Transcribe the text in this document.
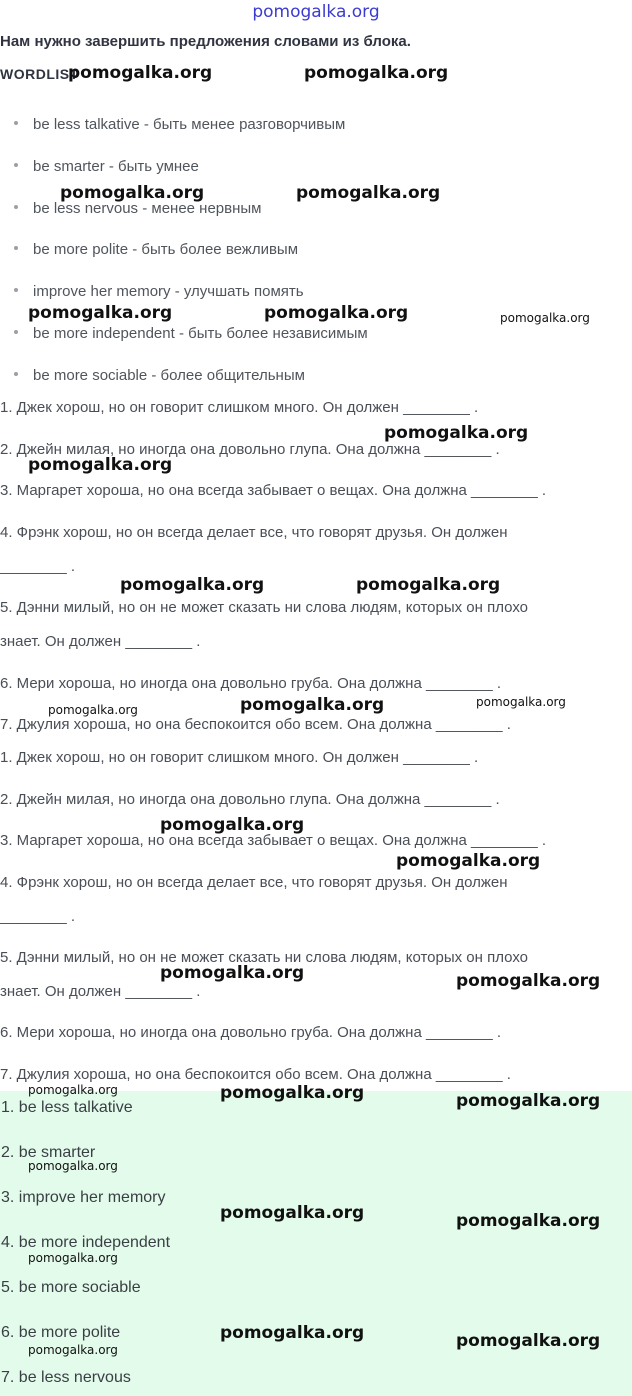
pomogalka.org
Нам нужно завершить предложения словами из блока.
WORDLIST
be less talkative - быть менее разговорчивым
be smarter - быть умнее
be less nervous - менее нервным
be more polite - быть более вежливым
improve her memory - улучшать помять
be more independent - быть более независимым
be more sociable - более общительным
1. Джек хорош, но он говорит слишком много. Он должен ________ .
2. Джейн милая, но иногда она довольно глупа. Она должна ________ .
3. Маргарет хороша, но она всегда забывает о вещах. Она должна ________ .
4. Фрэнк хорош, но он всегда делает все, что говорят друзья. Он должен
________ .
5. Дэнни милый, но он не может сказать ни слова людям, которых он плохо
знает. Он должен ________ .
6. Мери хороша, но иногда она довольно груба. Она должна ________ .
7. Джулия хороша, но она беспокоится обо всем. Она должна ________ .
1. Джек хорош, но он говорит слишком много. Он должен ________ .
2. Джейн милая, но иногда она довольно глупа. Она должна ________ .
3. Маргарет хороша, но она всегда забывает о вещах. Она должна ________ .
4. Фрэнк хорош, но он всегда делает все, что говорят друзья. Он должен
________ .
5. Дэнни милый, но он не может сказать ни слова людям, которых он плохо
знает. Он должен ________ .
6. Мери хороша, но иногда она довольно груба. Она должна ________ .
7. Джулия хороша, но она беспокоится обо всем. Она должна ________ .
1. be less talkative
2. be smarter
3. improve her memory
4. be more independent
5. be more sociable
6. be more polite
7. be less nervous
pomogalka.org	pomogalka.org
pomogalka.org	pomogalka.org
pomogalka.org	pomogalka.org	pomogalka.org
pomogalka.org
pomogalka.org
pomogalka.org	pomogalka.org
pomogalka.org
pomogalka.org
pomogalka.org
pomogalka.org
pomogalka.org
pomogalka.org	pomogalka.org
pomogalka.org	pomogalka.org	pomogalka.org
pomogalka.org
pomogalka.org	pomogalka.org
pomogalka.org
pomogalka.org	pomogalka.org
pomogalka.org
